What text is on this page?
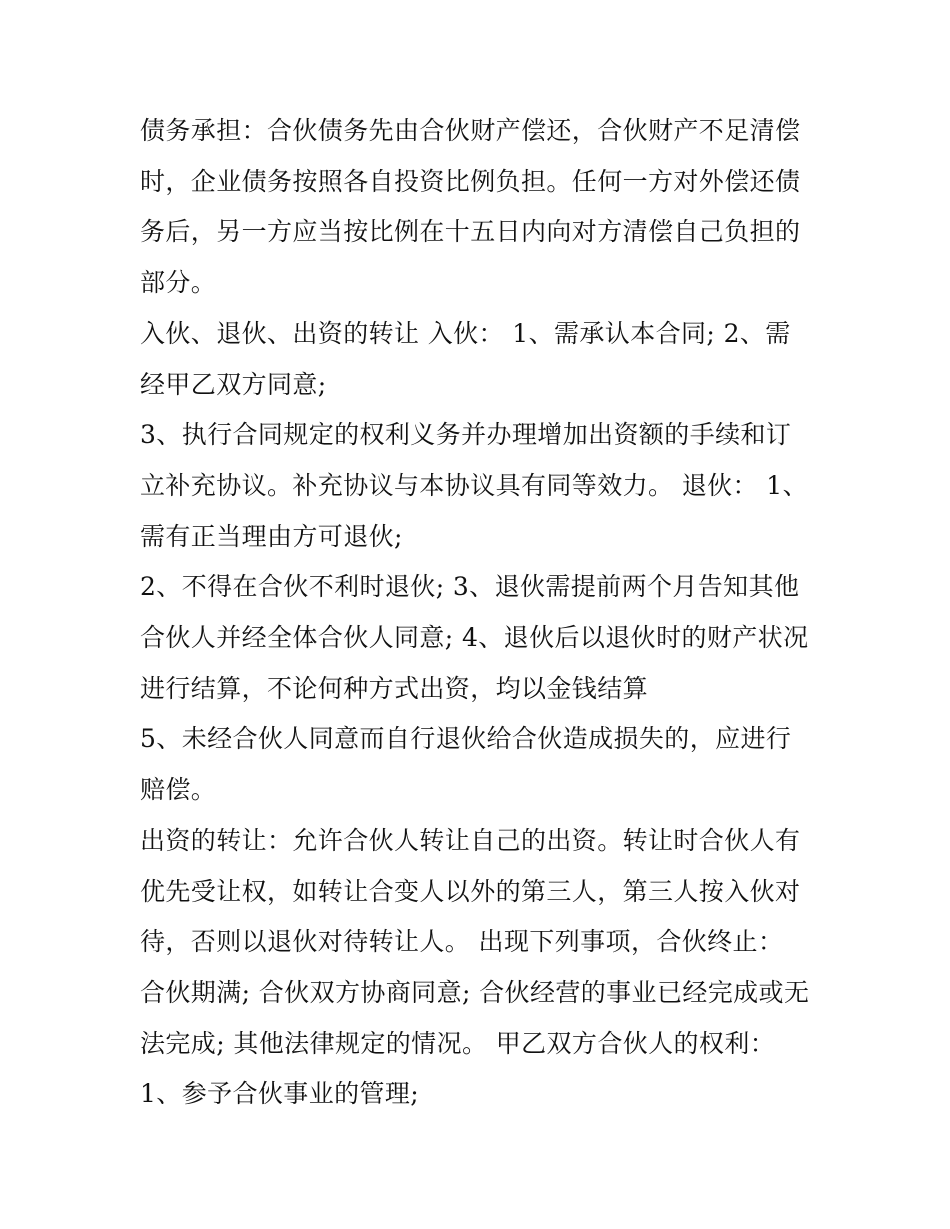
债务承担：合伙债务先由合伙财产偿还，合伙财产不足清偿时，企业债务按照各自投资比例负担。任何一方对外偿还债务后，另一方应当按比例在十五日内向对方清偿自己负担的部分。

入伙、退伙、出资的转让 入伙： 1、需承认本合同; 2、需经甲乙双方同意;

3、执行合同规定的权利义务并办理增加出资额的手续和订立补充协议。补充协议与本协议具有同等效力。 退伙： 1、需有正当理由方可退伙;

2、不得在合伙不利时退伙; 3、退伙需提前两个月告知其他合伙人并经全体合伙人同意; 4、退伙后以退伙时的财产状况进行结算，不论何种方式出资，均以金钱结算

5、未经合伙人同意而自行退伙给合伙造成损失的，应进行赔偿。

出资的转让：允许合伙人转让自己的出资。转让时合伙人有优先受让权，如转让合变人以外的第三人，第三人按入伙对待，否则以退伙对待转让人。 出现下列事项，合伙终止：

合伙期满; 合伙双方协商同意; 合伙经营的事业已经完成或无法完成; 其他法律规定的情况。 甲乙双方合伙人的权利： 1、参予合伙事业的管理;
